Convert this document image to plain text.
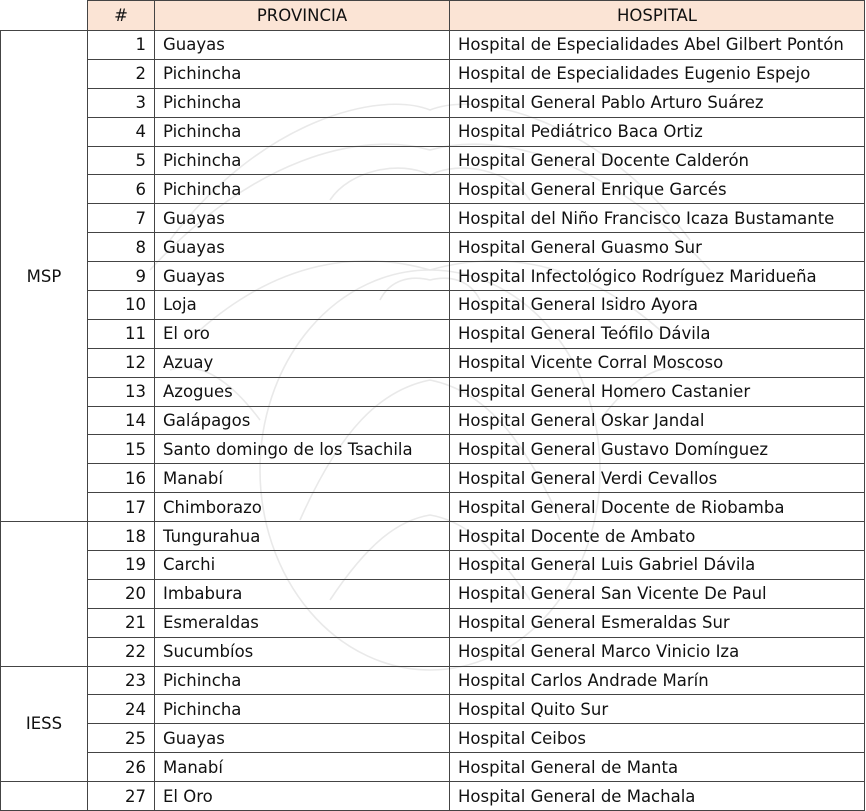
	#	PROVINCIA	HOSPITAL
MSP	1	Guayas	Hospital de Especialidades Abel Gilbert Pontón
	2	Pichincha	Hospital de Especialidades Eugenio Espejo
	3	Pichincha	Hospital General Pablo Arturo Suárez
	4	Pichincha	Hospital Pediátrico Baca Ortiz
	5	Pichincha	Hospital General Docente Calderón
	6	Pichincha	Hospital General Enrique Garcés
	7	Guayas	Hospital del Niño Francisco Icaza Bustamante
	8	Guayas	Hospital General Guasmo Sur
	9	Guayas	Hospital Infectológico Rodríguez Maridueña
	10	Loja	Hospital General Isidro Ayora
	11	El oro	Hospital General Teófilo Dávila
	12	Azuay	Hospital Vicente Corral Moscoso
	13	Azogues	Hospital General Homero Castanier
	14	Galápagos	Hospital General Oskar Jandal
	15	Santo domingo de los Tsachila	Hospital General Gustavo Domínguez
	16	Manabí	Hospital General Verdi Cevallos
	17	Chimborazo	Hospital General Docente de Riobamba
	18	Tungurahua	Hospital Docente de Ambato
	19	Carchi	Hospital General Luis Gabriel Dávila
	20	Imbabura	Hospital General San Vicente De Paul
	21	Esmeraldas	Hospital General Esmeraldas Sur
	22	Sucumbíos	Hospital General Marco Vinicio Iza
IESS	23	Pichincha	Hospital Carlos Andrade Marín
	24	Pichincha	Hospital Quito Sur
	25	Guayas	Hospital Ceibos
	26	Manabí	Hospital General de Manta
	27	El Oro	Hospital General de Machala
